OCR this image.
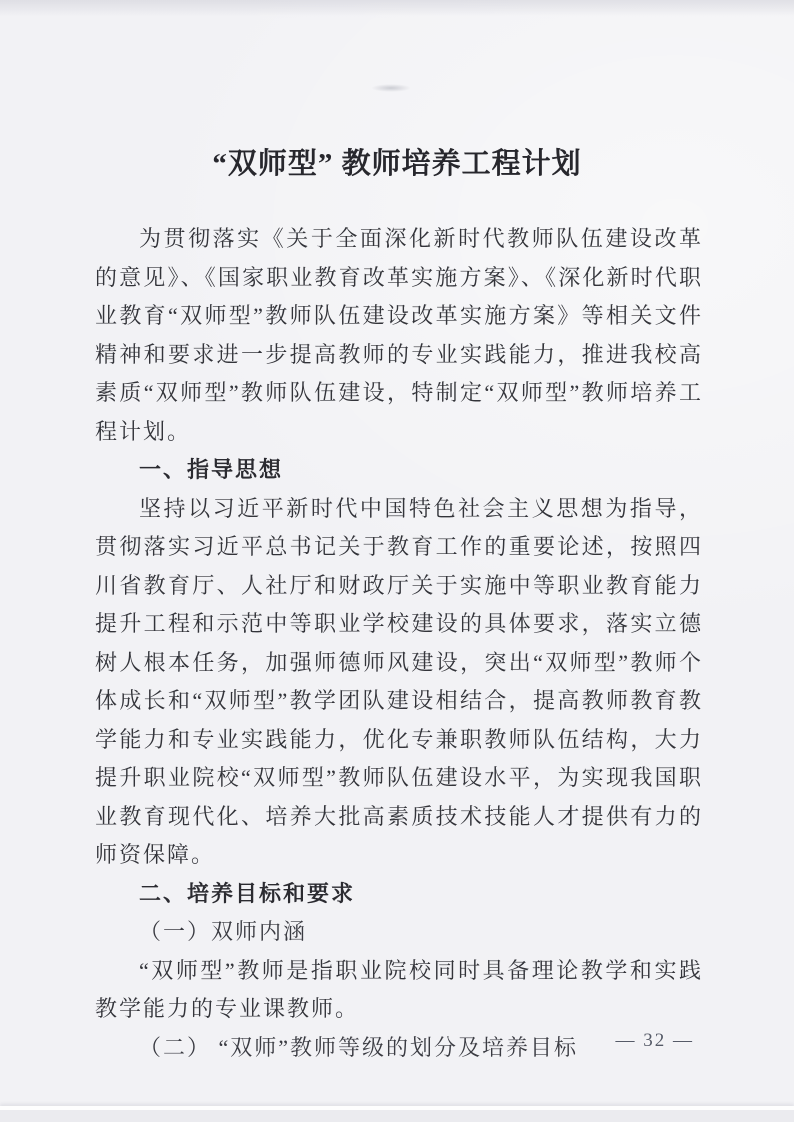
“双师型” 教师培养工程计划

为贯彻落实《关于全面深化新时代教师队伍建设改革的意见》、《国家职业教育改革实施方案》、《深化新时代职业教育“双师型”教师队伍建设改革实施方案》等相关文件精神和要求进一步提高教师的专业实践能力，推进我校高素质“双师型”教师队伍建设，特制定“双师型”教师培养工程计划。

一、指导思想

坚持以习近平新时代中国特色社会主义思想为指导，贯彻落实习近平总书记关于教育工作的重要论述，按照四川省教育厅、人社厅和财政厅关于实施中等职业教育能力提升工程和示范中等职业学校建设的具体要求，落实立德树人根本任务，加强师德师风建设，突出“双师型”教师个体成长和“双师型”教学团队建设相结合，提高教师教育教学能力和专业实践能力，优化专兼职教师队伍结构，大力提升职业院校“双师型”教师队伍建设水平，为实现我国职业教育现代化、培养大批高素质技术技能人才提供有力的师资保障。

二、培养目标和要求

（一）双师内涵

“双师型”教师是指职业院校同时具备理论教学和实践教学能力的专业课教师。

（二） “双师”教师等级的划分及培养目标	— 32 —
